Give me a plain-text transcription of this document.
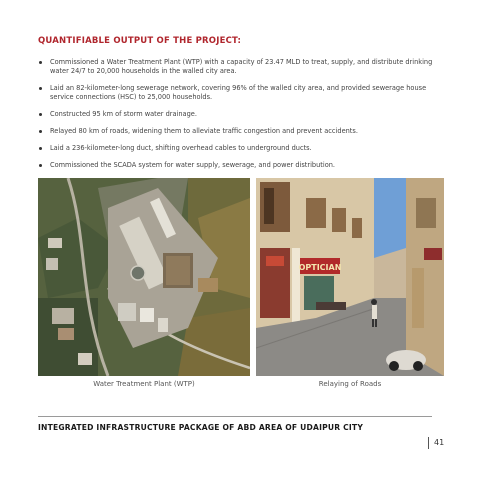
QUANTIFIABLE OUTPUT OF THE PROJECT:
Commissioned a Water Treatment Plant (WTP) with a capacity of 23.47 MLD to treat, supply, and distribute drinking water 24/7 to 20,000 households in the walled city area.
Laid an 82-kilometer-long sewerage network, covering 96% of the walled city area, and provided sewerage house service connections (HSC) to 25,000 households.
Constructed 95 km of storm water drainage.
Relayed 80 km of roads, widening them to alleviate traffic congestion and prevent accidents.
Laid a 236-kilometer-long duct, shifting overhead cables to underground ducts.
Commissioned the SCADA system for water supply, sewerage, and power distribution.
OPTICIAN
Water Treatment Plant (WTP)	Relaying of Roads
INTEGRATED INFRASTRUCTURE PACKAGE OF ABD AREA OF UDAIPUR CITY
41
